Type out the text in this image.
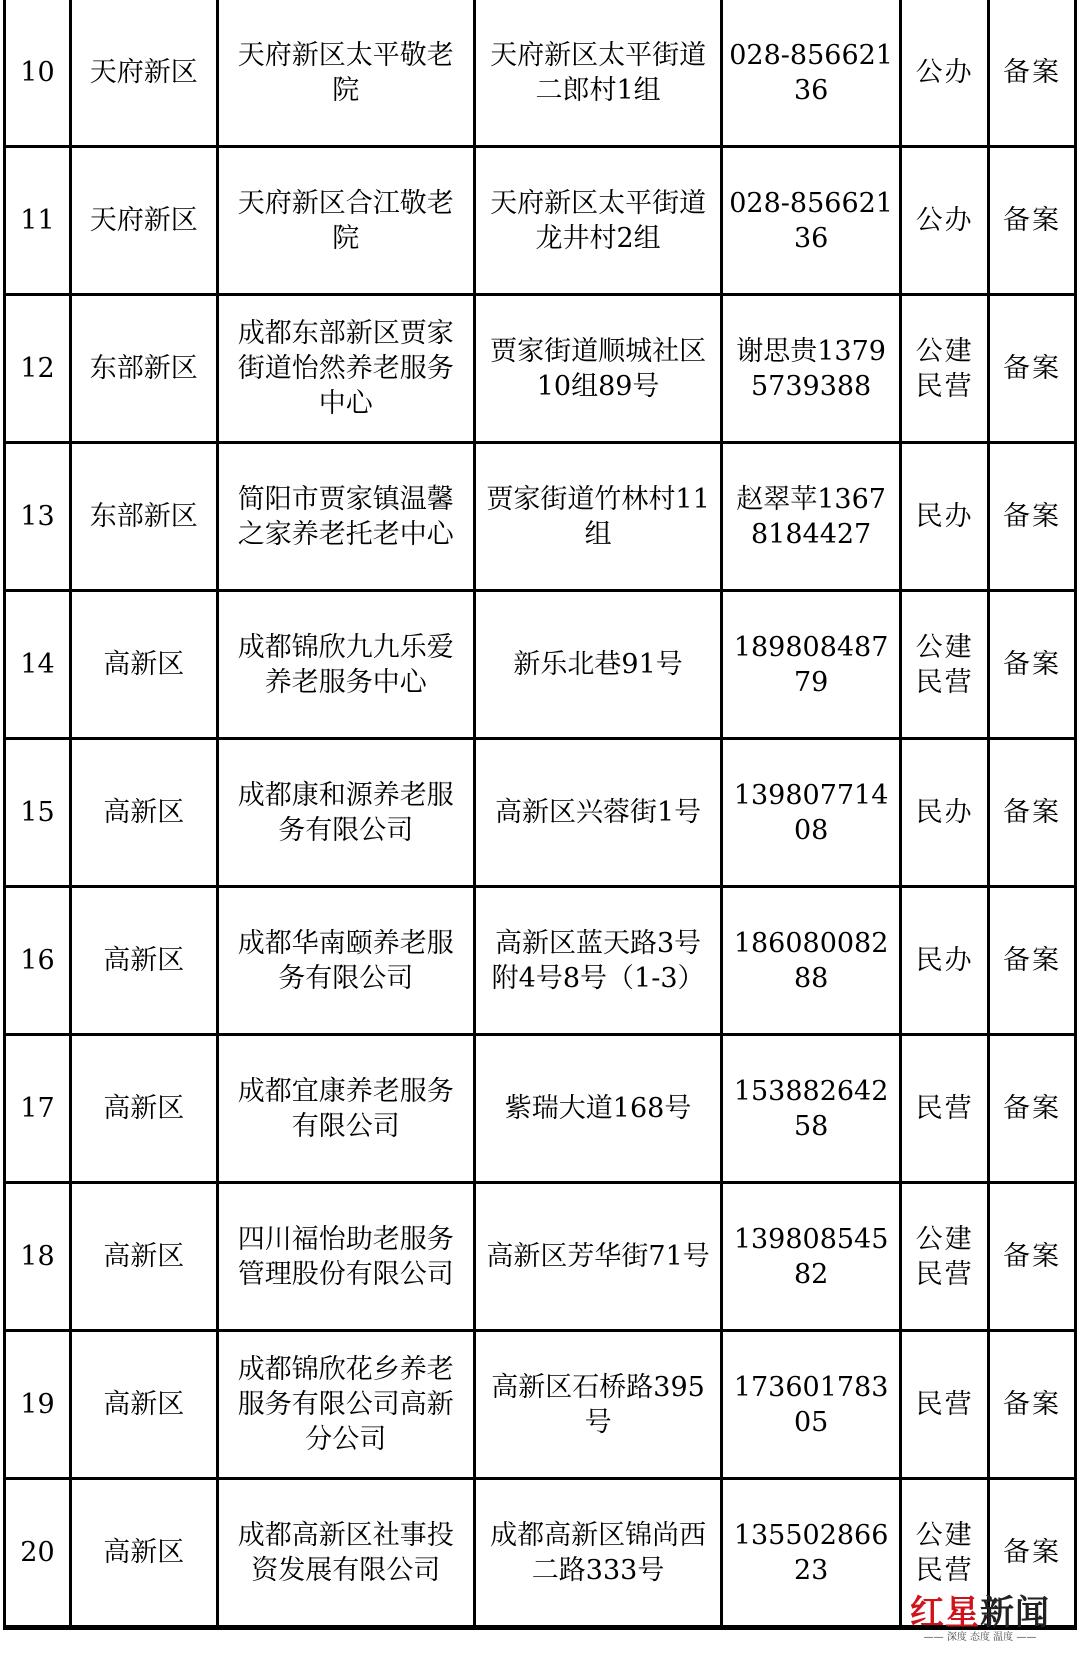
10	天府新区	天府新区太平敬老院	天府新区太平街道二郎村1组	028-85662136	公办	备案
11	天府新区	天府新区合江敬老院	天府新区太平街道龙井村2组	028-85662136	公办	备案
12	东部新区	成都东部新区贾家街道怡然养老服务中心	贾家街道顺城社区10组89号	谢思贵13795739388	公建民营	备案
13	东部新区	简阳市贾家镇温馨之家养老托老中心	贾家街道竹林村11组	赵翠苹13678184427	民办	备案
14	高新区	成都锦欣九九乐爱养老服务中心	新乐北巷91号	18980848779	公建民营	备案
15	高新区	成都康和源养老服务有限公司	高新区兴蓉街1号	13980771408	民办	备案
16	高新区	成都华南颐养老服务有限公司	高新区蓝天路3号附4号8号（1-3）	18608008288	民办	备案
17	高新区	成都宜康养老服务有限公司	紫瑞大道168号	15388264258	民营	备案
18	高新区	四川福怡助老服务管理股份有限公司	高新区芳华街71号	13980854582	公建民营	备案
19	高新区	成都锦欣花乡养老服务有限公司高新分公司	高新区石桥路395号	17360178305	民营	备案
20	高新区	成都高新区社事投资发展有限公司	成都高新区锦尚西二路333号	13550286623	公建民营	备案
红星新闻
—— 深度 态度 温度 ——
